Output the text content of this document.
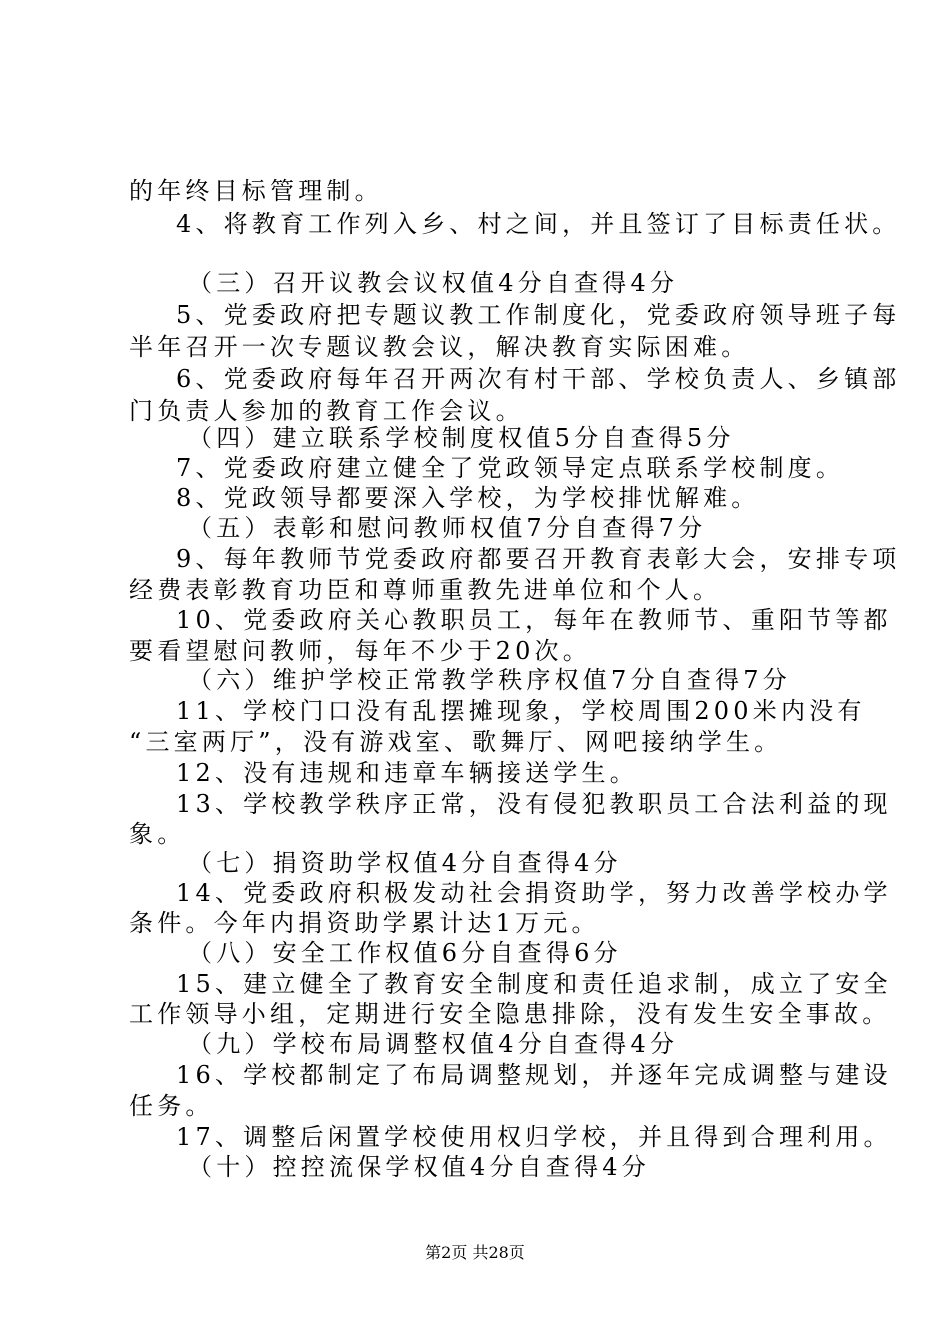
的年终目标管理制。
4、将教育工作列入乡、村之间，并且签订了目标责任状。
（三）召开议教会议权值4分自查得4分
5、党委政府把专题议教工作制度化，党委政府领导班子每
半年召开一次专题议教会议，解决教育实际困难。
6、党委政府每年召开两次有村干部、学校负责人、乡镇部
门负责人参加的教育工作会议。
（四）建立联系学校制度权值5分自查得5分
7、党委政府建立健全了党政领导定点联系学校制度。
8、党政领导都要深入学校，为学校排忧解难。
（五）表彰和慰问教师权值7分自查得7分
9、每年教师节党委政府都要召开教育表彰大会，安排专项
经费表彰教育功臣和尊师重教先进单位和个人。
10、党委政府关心教职员工，每年在教师节、重阳节等都
要看望慰问教师，每年不少于20次。
（六）维护学校正常教学秩序权值7分自查得7分
11、学校门口没有乱摆摊现象，学校周围200米内没有
“三室两厅”，没有游戏室、歌舞厅、网吧接纳学生。
12、没有违规和违章车辆接送学生。
13、学校教学秩序正常，没有侵犯教职员工合法利益的现
象。
（七）捐资助学权值4分自查得4分
14、党委政府积极发动社会捐资助学，努力改善学校办学
条件。今年内捐资助学累计达1万元。
（八）安全工作权值6分自查得6分
15、建立健全了教育安全制度和责任追求制，成立了安全
工作领导小组，定期进行安全隐患排除，没有发生安全事故。
（九）学校布局调整权值4分自查得4分
16、学校都制定了布局调整规划，并逐年完成调整与建设
任务。
17、调整后闲置学校使用权归学校，并且得到合理利用。
（十）控控流保学权值4分自查得4分
第2页 共28页
